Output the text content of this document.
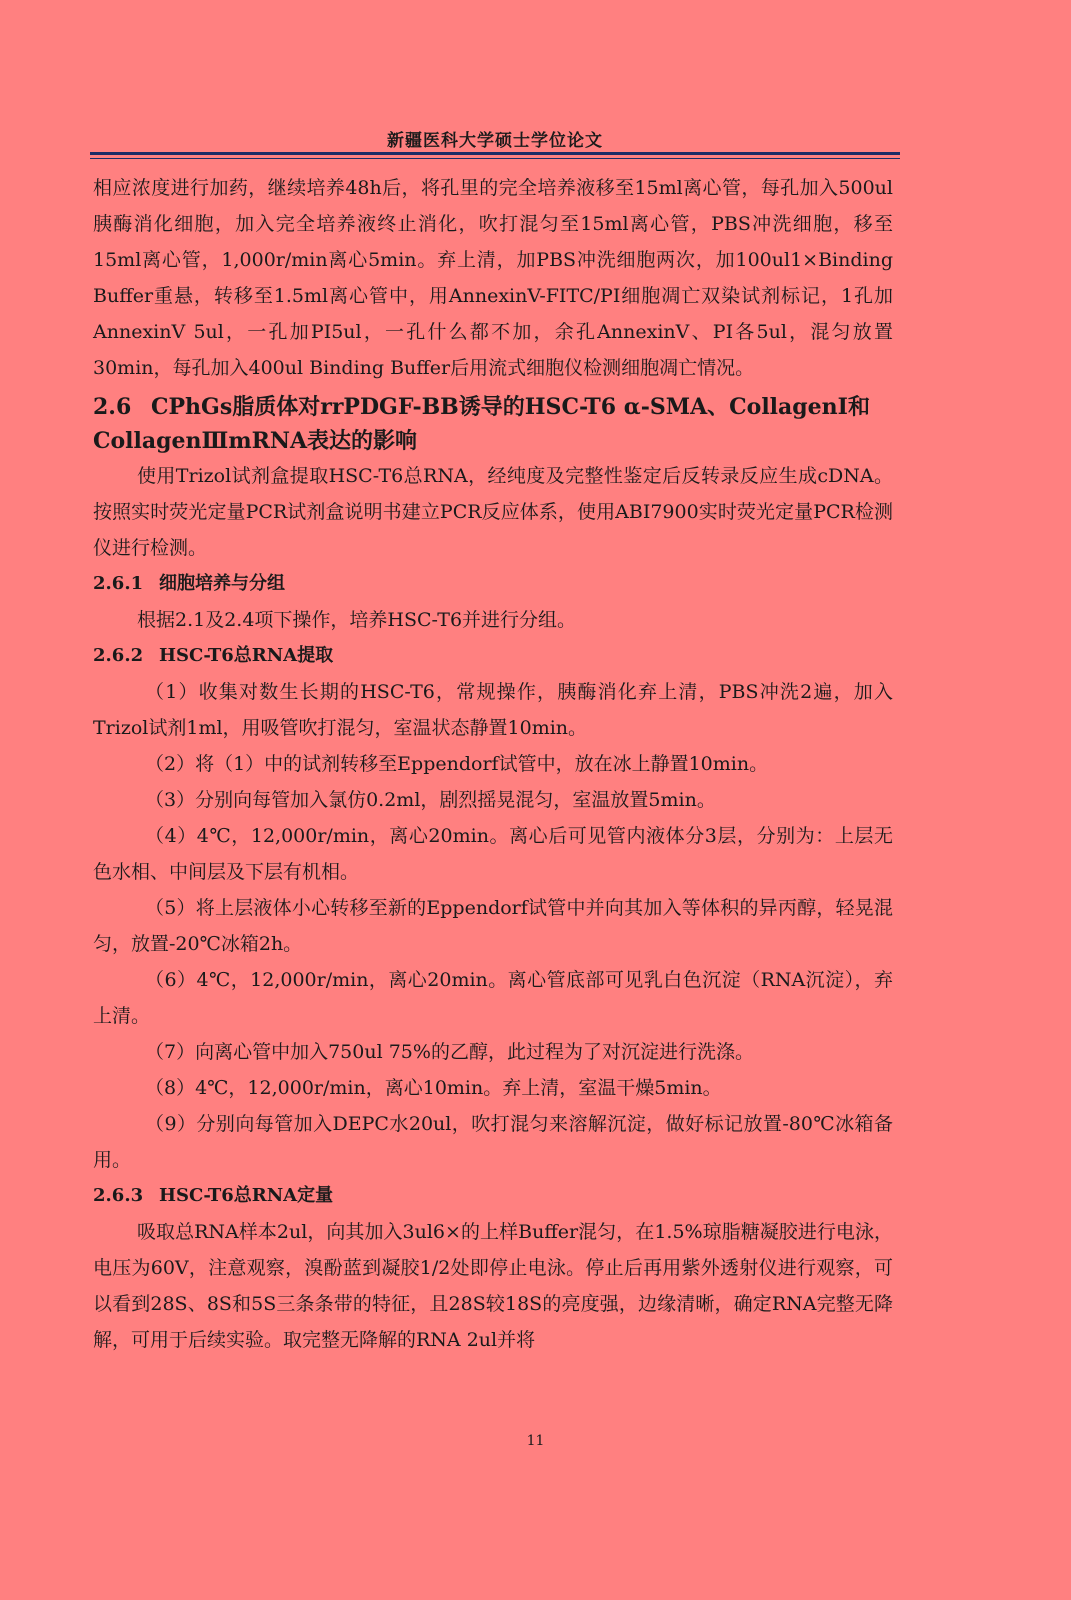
新疆医科大学硕士学位论文

相应浓度进行加药，继续培养48h后，将孔里的完全培养液移至15ml离心管，每孔加入500ul胰酶消化细胞，加入完全培养液终止消化，吹打混匀至15ml离心管，PBS冲洗细胞，移至15ml离心管，1,000r/min离心5min。弃上清，加PBS冲洗细胞两次，加100ul1×Binding Buffer重悬，转移至1.5ml离心管中，用AnnexinV-FITC/PI细胞凋亡双染试剂标记，1孔加AnnexinV 5ul，一孔加PI5ul，一孔什么都不加，余孔AnnexinV、PI各5ul，混匀放置30min，每孔加入400ul Binding Buffer后用流式细胞仪检测细胞凋亡情况。

2.6 CPhGs脂质体对rrPDGF-BB诱导的HSC-T6 α-SMA、CollagenI和CollagenⅢmRNA表达的影响

使用Trizol试剂盒提取HSC-T6总RNA，经纯度及完整性鉴定后反转录反应生成cDNA。按照实时荧光定量PCR试剂盒说明书建立PCR反应体系，使用ABI7900实时荧光定量PCR检测仪进行检测。

2.6.1 细胞培养与分组

根据2.1及2.4项下操作，培养HSC-T6并进行分组。

2.6.2 HSC-T6总RNA提取

（1）收集对数生长期的HSC-T6，常规操作，胰酶消化弃上清，PBS冲洗2遍，加入Trizol试剂1ml，用吸管吹打混匀，室温状态静置10min。

（2）将（1）中的试剂转移至Eppendorf试管中，放在冰上静置10min。

（3）分别向每管加入氯仿0.2ml，剧烈摇晃混匀，室温放置5min。

（4）4℃，12,000r/min，离心20min。离心后可见管内液体分3层，分别为：上层无色水相、中间层及下层有机相。

（5）将上层液体小心转移至新的Eppendorf试管中并向其加入等体积的异丙醇，轻晃混匀，放置-20℃冰箱2h。

（6）4℃，12,000r/min，离心20min。离心管底部可见乳白色沉淀（RNA沉淀），弃上清。

（7）向离心管中加入750ul 75%的乙醇，此过程为了对沉淀进行洗涤。

（8）4℃，12,000r/min，离心10min。弃上清，室温干燥5min。

（9）分别向每管加入DEPC水20ul，吹打混匀来溶解沉淀，做好标记放置-80℃冰箱备用。

2.6.3 HSC-T6总RNA定量

吸取总RNA样本2ul，向其加入3ul6×的上样Buffer混匀，在1.5%琼脂糖凝胶进行电泳，电压为60V，注意观察，溴酚蓝到凝胶1/2处即停止电泳。停止后再用紫外透射仪进行观察，可以看到28S、8S和5S三条条带的特征，且28S较18S的亮度强，边缘清晰，确定RNA完整无降解，可用于后续实验。取完整无降解的RNA 2ul并将

11
